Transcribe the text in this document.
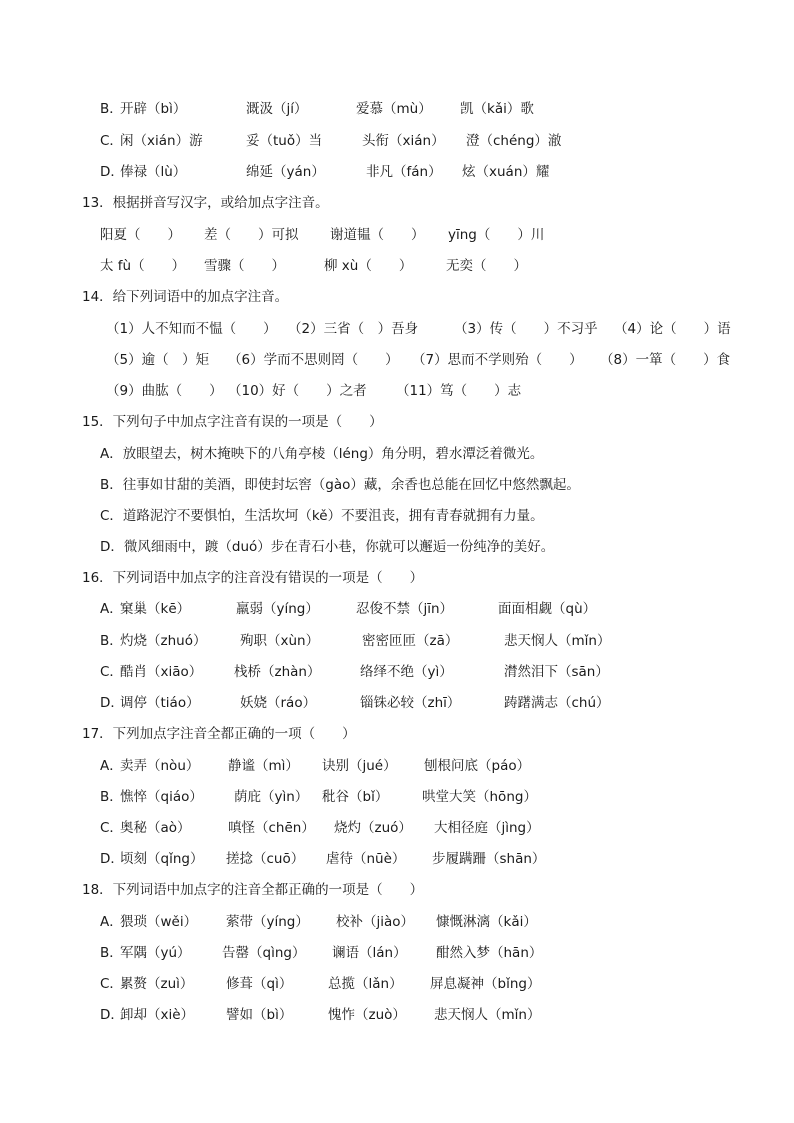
B．
开辟（bì）	溉汲（jí）	爱慕（mù） 凯（kǎi）歌
C．
闲（xián）游	妥（tuǒ）当	头衔（xián） 澄（chéng）澈
D．
俸禄（lù）	绵延（yán）	非凡（fán） 炫（xuán）耀
13．根据拼音写汉字，或给加点字注音。
阳夏（　　） 差（　　）可拟 谢道韫（　　） yīng（　　）川
太 fù（　　） 雪骤（　　）	柳 xù（　　） 无奕（　　）
14．给下列词语中的加点字注音。
（1）人不知而不愠（　　） （2）三省（　）吾身	（3）传（　　）不习乎 （4）论（　　）语
（5）逾（　）矩 （6）学而不思则罔（　　） （7）思而不学则殆（　　） （8）一箪（　　）食
（9）曲肱（　　） （10）好（　　）之者 （11）笃（　　）志
15．下列句子中加点字注音有误的一项是（　　）
A．放眼望去，树木掩映下的八角亭棱（léng）角分明，碧水潭泛着微光。
B．往事如甘甜的美酒，即使封坛窖（gào）藏，余香也总能在回忆中悠然飘起。
C．道路泥泞不要惧怕，生活坎坷（kě）不要沮丧，拥有青春就拥有力量。
D．微风细雨中，踱（duó）步在青石小巷，你就可以邂逅一份纯净的美好。
16．下列词语中加点字的注音没有错误的一项是（　　）
A．
窠巢（kē）	羸弱（yíng）	忍俊不禁（jīn）	面面相觑（qù）
B．
灼烧（zhuó） 殉职（xùn）	密密匝匝（zā）	悲天悯人（mǐn）
C．
酷肖（xiāo） 栈桥（zhàn）	络绎不绝（yì）	潸然泪下（sān）
D．
调停（tiáo）	妖娆（ráo）	锱铢必较（zhī）	踌躇满志（chú）
17．下列加点字注音全都正确的一项（　　）
A．
卖弄（nòu） 静谧（mì） 诀别（jué） 刨根问底（páo）
B．
憔悴（qiáo） 荫庇（yìn） 秕谷（bǐ） 哄堂大笑（hōng）
C．
奥秘（aò）	嗔怪（chēn） 烧灼（zuó） 大相径庭（jìng）
D．
顷刻（qǐng） 搓捻（cuō） 虐待（nūè） 步履蹒跚（shān）
18．下列词语中加点字的注音全都正确的一项是（　　）
A．
猥琐（wěi） 萦带（yíng） 校补（jiào） 慷慨淋漓（kǎi）
B．
军隅（yú） 告罄（qìng） 谰语（lán） 酣然入梦（hān）
C．
累赘（zuì） 修葺（qì）	总揽（lǎn） 屏息凝神（bǐng）
D．
卸却（xiè） 譬如（bì）	愧怍（zuò） 悲天悯人（mǐn）
